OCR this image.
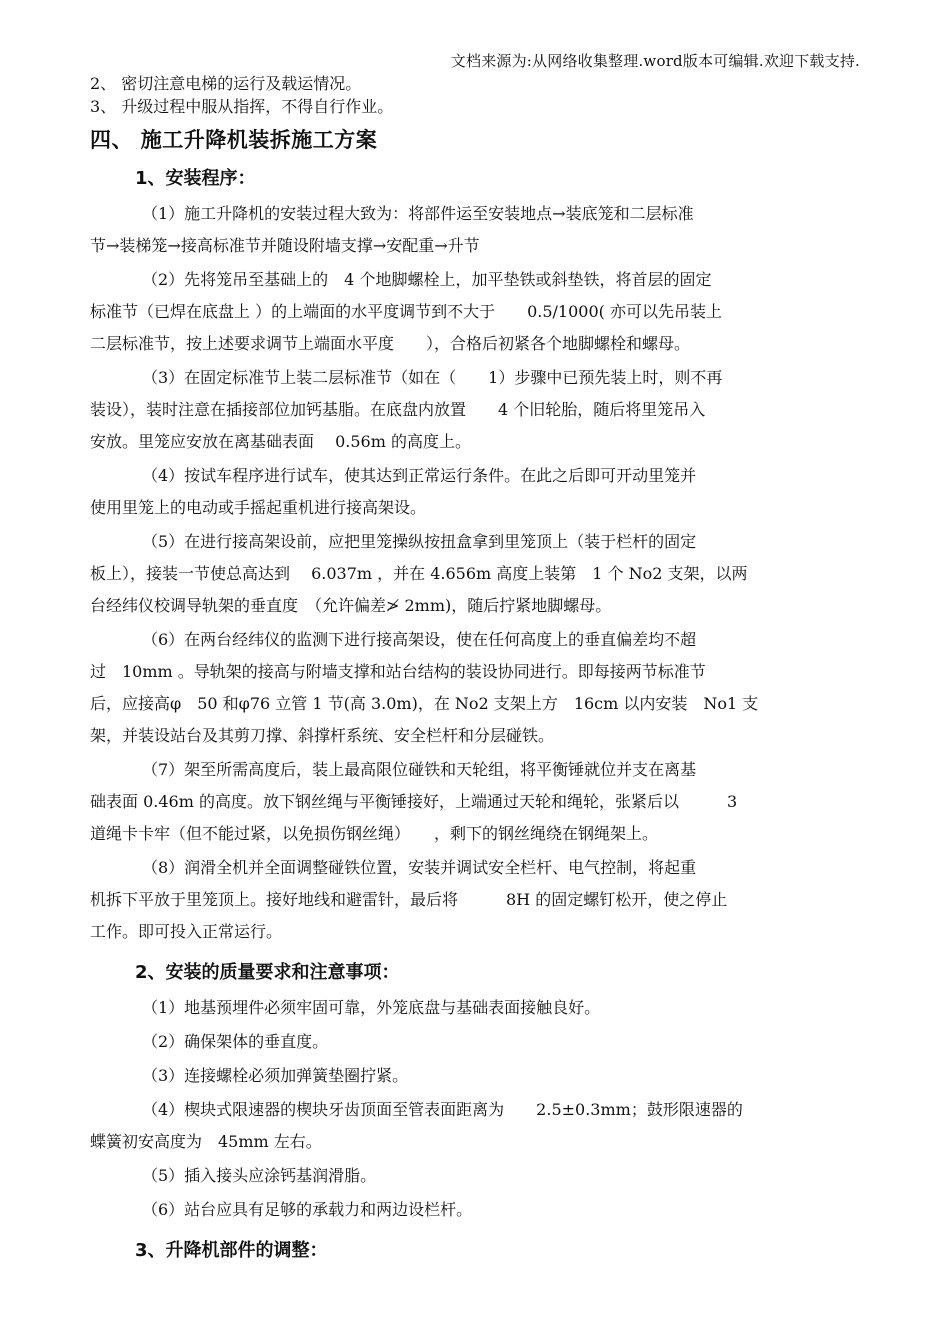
文档来源为:从网络收集整理.word版本可编辑.欢迎下载支持.

2、 密切注意电梯的运行及载运情况。

3、 升级过程中服从指挥，不得自行作业。

四、 施工升降机装拆施工方案
1、安装程序：
（1）施工升降机的安装过程大致为：将部件运至安装地点→装底笼和二层标准
节→装梯笼→接高标准节并随设附墙支撑→安配重→升节
（2）先将笼吊至基础上的　4 个地脚螺栓上，加平垫铁或斜垫铁，将首层的固定
标准节（已焊在底盘上 ）的上端面的水平度调节到不大于　　0.5/1000( 亦可以先吊装上
二层标准节，按上述要求调节上端面水平度　　），合格后初紧各个地脚螺栓和螺母。
（3）在固定标准节上装二层标准节（如在（　　1）步骤中已预先装上时，则不再
装设），装时注意在插接部位加钙基脂。在底盘内放置　　4 个旧轮胎，随后将里笼吊入
安放。里笼应安放在离基础表面　 0.56m 的高度上。
（4）按试车程序进行试车，使其达到正常运行条件。在此之后即可开动里笼并
使用里笼上的电动或手摇起重机进行接高架设。
（5）在进行接高架设前，应把里笼操纵按扭盒拿到里笼顶上（装于栏杆的固定
板上），接装一节使总高达到　 6.037m ，并在 4.656m 高度上装第　1 个 No2 支架，以两
台经纬仪校调导轨架的垂直度　（允许偏差≯ 2mm)，随后拧紧地脚螺母。
（6）在两台经纬仪的监测下进行接高架设，使在任何高度上的垂直偏差均不超
过　10mm 。导轨架的接高与附墙支撑和站台结构的装设协同进行。即每接两节标准节
后，应接高φ　50 和φ76 立管 1 节(高 3.0m)，在 No2 支架上方　16cm 以内安装　No1 支
架，并装设站台及其剪刀撑、斜撑杆系统、安全栏杆和分层碰铁。
（7）架至所需高度后，装上最高限位碰铁和天轮组，将平衡锤就位并支在离基
础表面 0.46m 的高度。放下钢丝绳与平衡锤接好，上端通过天轮和绳轮，张紧后以　　　3
道绳卡卡牢（但不能过紧，以免损伤钢丝绳）　　，剩下的钢丝绳绕在钢绳架上。
（8）润滑全机并全面调整碰铁位置，安装并调试安全栏杆、电气控制，将起重
机拆下平放于里笼顶上。接好地线和避雷针，最后将　　　8H 的固定螺钉松开，使之停止
工作。即可投入正常运行。
2、安装的质量要求和注意事项：
（1）地基预埋件必须牢固可靠，外笼底盘与基础表面接触良好。
（2）确保架体的垂直度。
（3）连接螺栓必须加弹簧垫圈拧紧。
（4）楔块式限速器的楔块牙齿顶面至管表面距离为　　2.5±0.3mm；鼓形限速器的
蝶簧初安高度为　45mm 左右。
（5）插入接头应涂钙基润滑脂。
（6）站台应具有足够的承载力和两边设栏杆。
3、升降机部件的调整：
